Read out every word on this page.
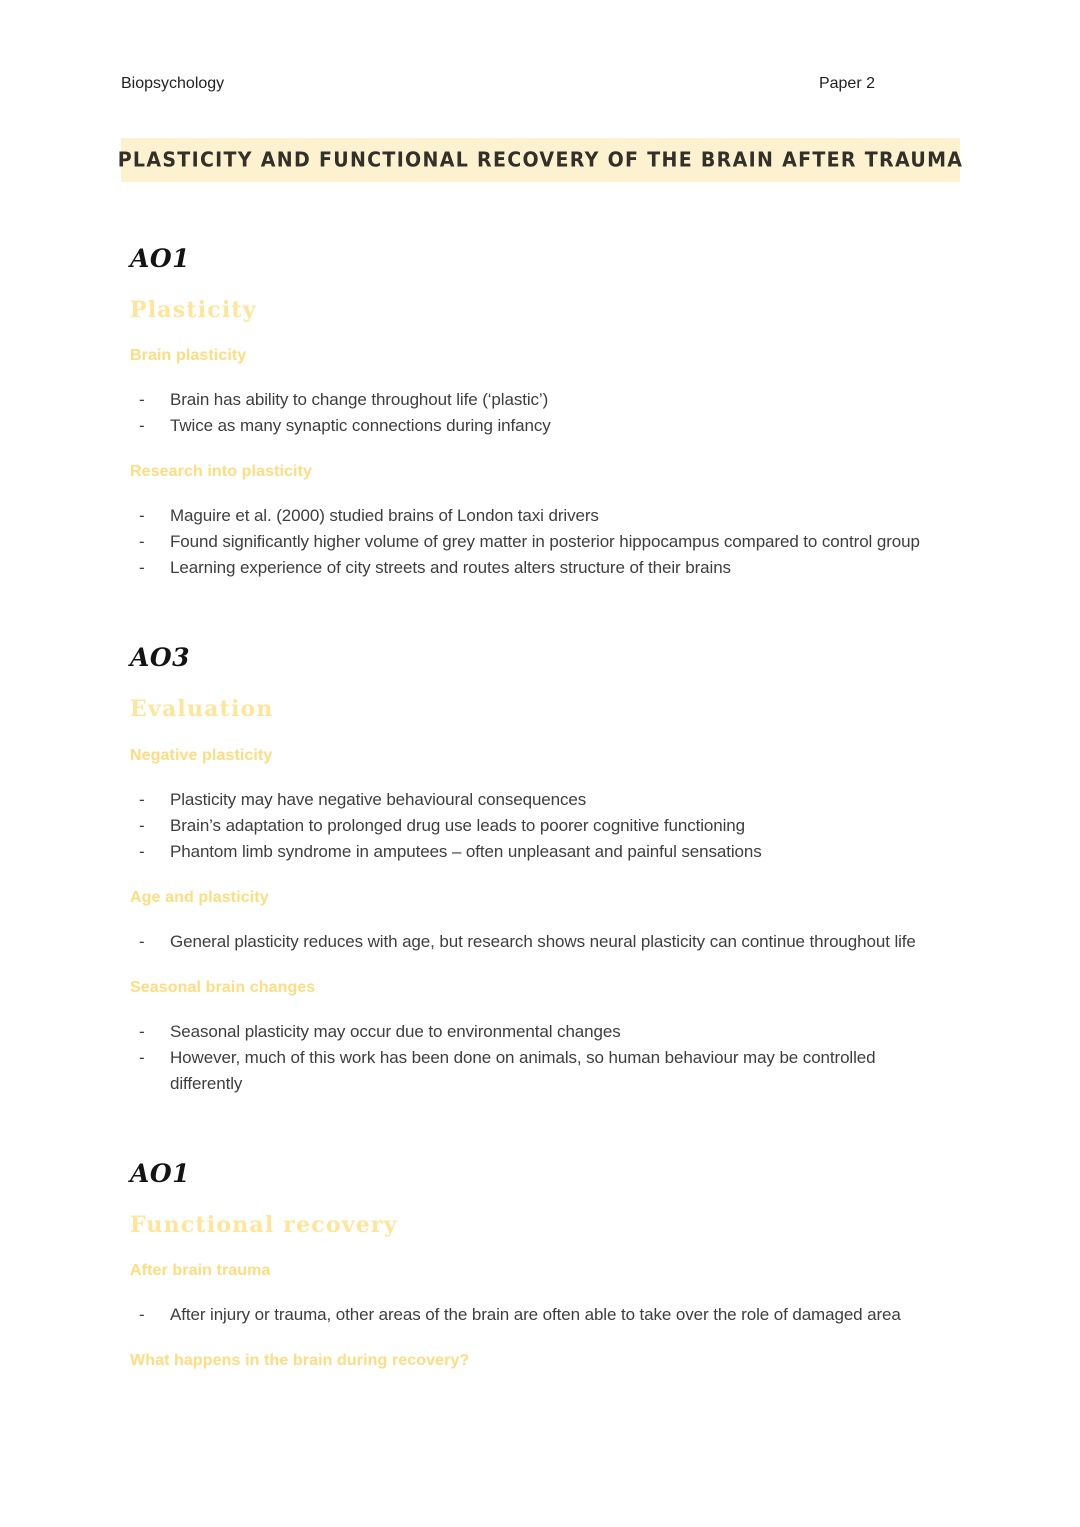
Biopsychology	Paper 2
PLASTICITY AND FUNCTIONAL RECOVERY OF THE BRAIN AFTER TRAUMA
AO1
Plasticity
Brain plasticity
- Brain has ability to change throughout life (‘plastic’)
- Twice as many synaptic connections during infancy
Research into plasticity
- Maguire et al. (2000) studied brains of London taxi drivers
- Found significantly higher volume of grey matter in posterior hippocampus compared to control group
- Learning experience of city streets and routes alters structure of their brains
AO3
Evaluation
Negative plasticity
- Plasticity may have negative behavioural consequences
- Brain’s adaptation to prolonged drug use leads to poorer cognitive functioning
- Phantom limb syndrome in amputees – often unpleasant and painful sensations
Age and plasticity
- General plasticity reduces with age, but research shows neural plasticity can continue throughout life
Seasonal brain changes
- Seasonal plasticity may occur due to environmental changes
- However, much of this work has been done on animals, so human behaviour may be controlled differently
AO1
Functional recovery
After brain trauma
- After injury or trauma, other areas of the brain are often able to take over the role of damaged area
What happens in the brain during recovery?
